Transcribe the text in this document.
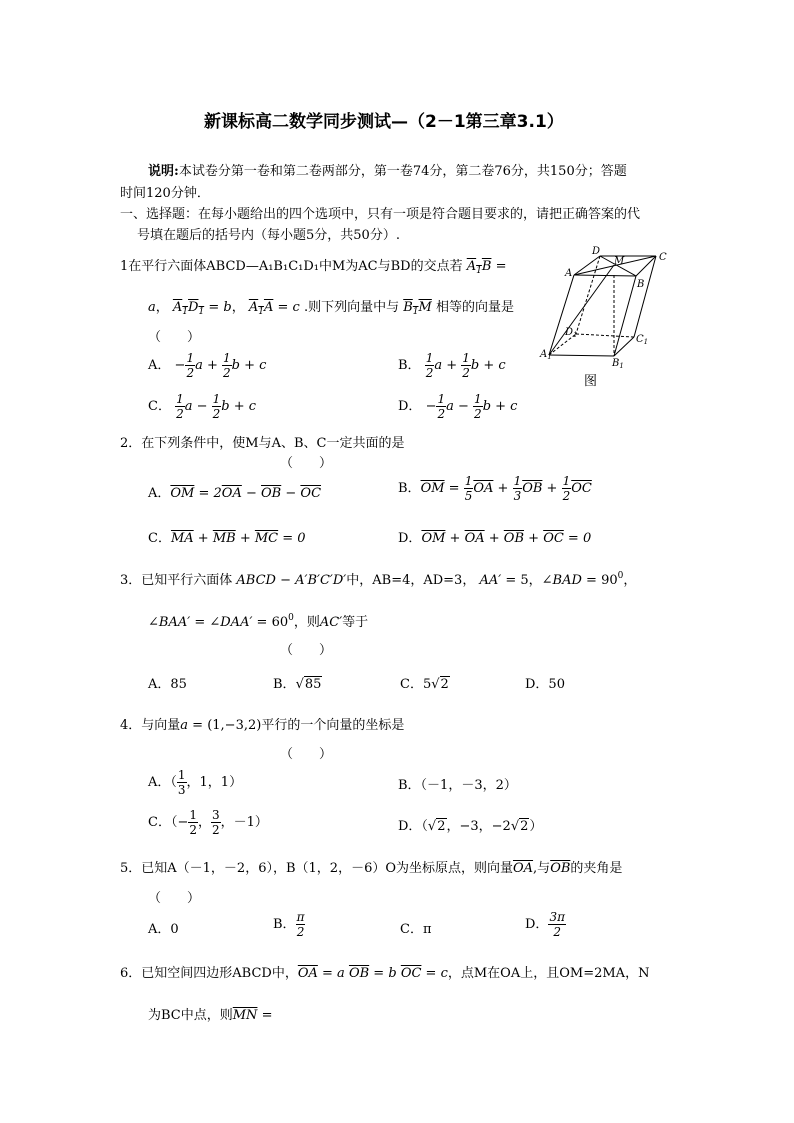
新课标高二数学同步测试—（2－1第三章3.1）
说明:本试卷分第一卷和第二卷两部分，第一卷74分，第二卷76分，共150分；答题
时间120分钟．
一、选择题：在每小题给出的四个选项中，只有一项是符合题目要求的，请把正确答案的代
号填在题后的括号内（每小题5分，共50分）.
1在平行六面体ABCD—A₁B₁C₁D₁中M为AC与BD的交点若 $A_1B$ =
a， $A_1D_1 = b$， $A_1A = c$ .则下列向量中与 $B_1M$ 相等的向量是
（　　）
A． − $\frac{1}{2}$ $a + \frac{1}{2}$ b + c	B． $\frac{1}{2}$ $a + \frac{1}{2}$ b + c
C． $\frac{1}{2}$ $a - \frac{1}{2}$ b + c	D． − $\frac{1}{2}$ $a - \frac{1}{2}$ b + c
D
M	C
A
B
$D_1$	$C_1$
$A_1$
$B_1$
图
2．在下列条件中，使M与A、B、C一定共面的是
（　　）
A．$\overline{OM} = 2\overline{OA} - \overline{OB} - \overline{OC}$	B．$\overline{OM} = \frac{1}{5} \overline{OA} + \frac{1}{3} \overline{OB} + \frac{1}{2} \overline{OC}$
C．$\overline{MA} + \overline{MB} + \overline{MC} = 0$	D．$\overline{OM} + \overline{OA} + \overline{OB} + \overline{OC} = 0$
3．已知平行六面体 ABCD − A′B′C′D′中，AB=4，AD=3， AA′ = 5，∠BAD = $90^0$，
∠BAA′ = ∠DAA′ = $60^0$，则AC′等于
（　　）
A．85	B．√85	C．5√2	D．50
4．与向量a = (1,−3,2)平行的一个向量的坐标是
（　　）
A．（ $\frac{1}{3}$ ，1，1）	B．（－1，－3，2）
C．（− $\frac{1}{2}$ ， $\frac{3}{2}$ ，－1）	D．（√2，−3，−2√2）
5．已知A（－1，－2，6），B（1，2，－6）O为坐标原点，则向量$\overline{OA}$,与$\overline{OB}$的夹角是
（　　）
A．0	B． $\frac{\pi}{2}$	C．π	D． $\frac{3\pi}{2}$
6．已知空间四边形ABCD中，$\overline{OA} = a$ $\overline{OB} = b$ $\overline{OC} = c$，点M在OA上，且OM=2MA，N
为BC中点，则$\overline{MN}$ =
